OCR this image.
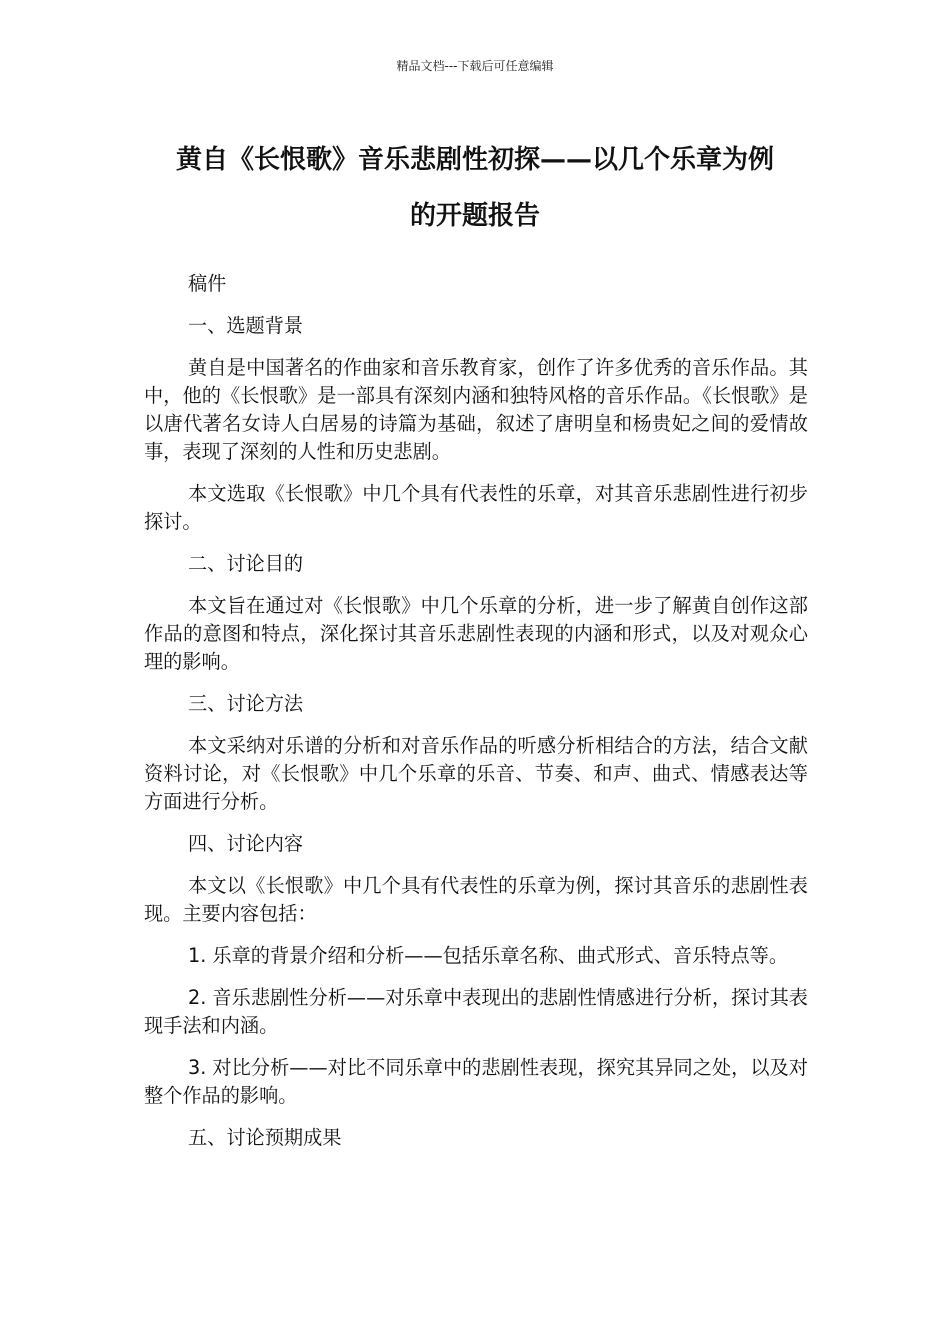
精品文档---下载后可任意编辑
黄自《长恨歌》音乐悲剧性初探——以几个乐章为例
的开题报告

稿件

一、选题背景

黄自是中国著名的作曲家和音乐教育家，创作了许多优秀的音乐作品。其中，他的《长恨歌》是一部具有深刻内涵和独特风格的音乐作品。《长恨歌》是以唐代著名女诗人白居易的诗篇为基础，叙述了唐明皇和杨贵妃之间的爱情故事，表现了深刻的人性和历史悲剧。

本文选取《长恨歌》中几个具有代表性的乐章，对其音乐悲剧性进行初步探讨。

二、讨论目的

本文旨在通过对《长恨歌》中几个乐章的分析，进一步了解黄自创作这部作品的意图和特点，深化探讨其音乐悲剧性表现的内涵和形式，以及对观众心理的影响。

三、讨论方法

本文采纳对乐谱的分析和对音乐作品的听感分析相结合的方法，结合文献资料讨论，对《长恨歌》中几个乐章的乐音、节奏、和声、曲式、情感表达等方面进行分析。

四、讨论内容

本文以《长恨歌》中几个具有代表性的乐章为例，探讨其音乐的悲剧性表现。主要内容包括：

1. 乐章的背景介绍和分析——包括乐章名称、曲式形式、音乐特点等。

2. 音乐悲剧性分析——对乐章中表现出的悲剧性情感进行分析，探讨其表现手法和内涵。

3. 对比分析——对比不同乐章中的悲剧性表现，探究其异同之处，以及对整个作品的影响。

五、讨论预期成果
